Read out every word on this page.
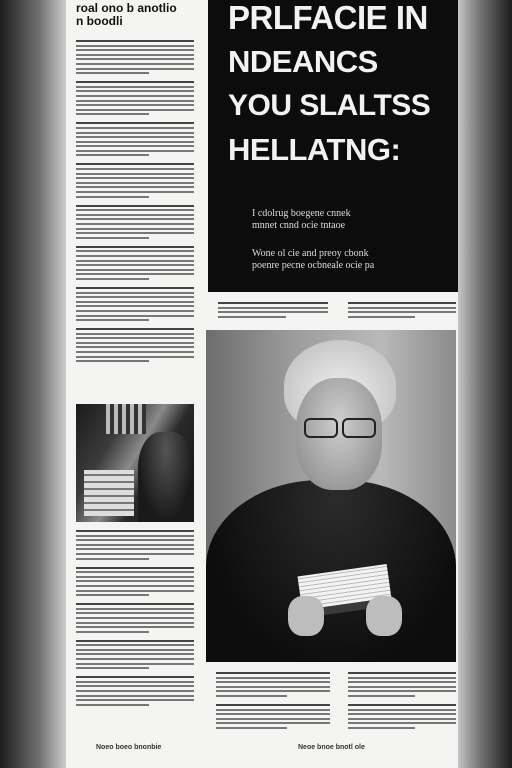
roal ono b anotlio
n boodli	PRLFACIE IN
NDEANCS
YOU SLALTSS
HELLATNG:
I cdolrug boegene cnnek
mnnet cnnd ocie tntaoe
Wone ol cie and preoy cbonk
poenre pecne ocbneale ocie pa
Noeo boeo bnonbie	Neoe bnoe bnotl ole
